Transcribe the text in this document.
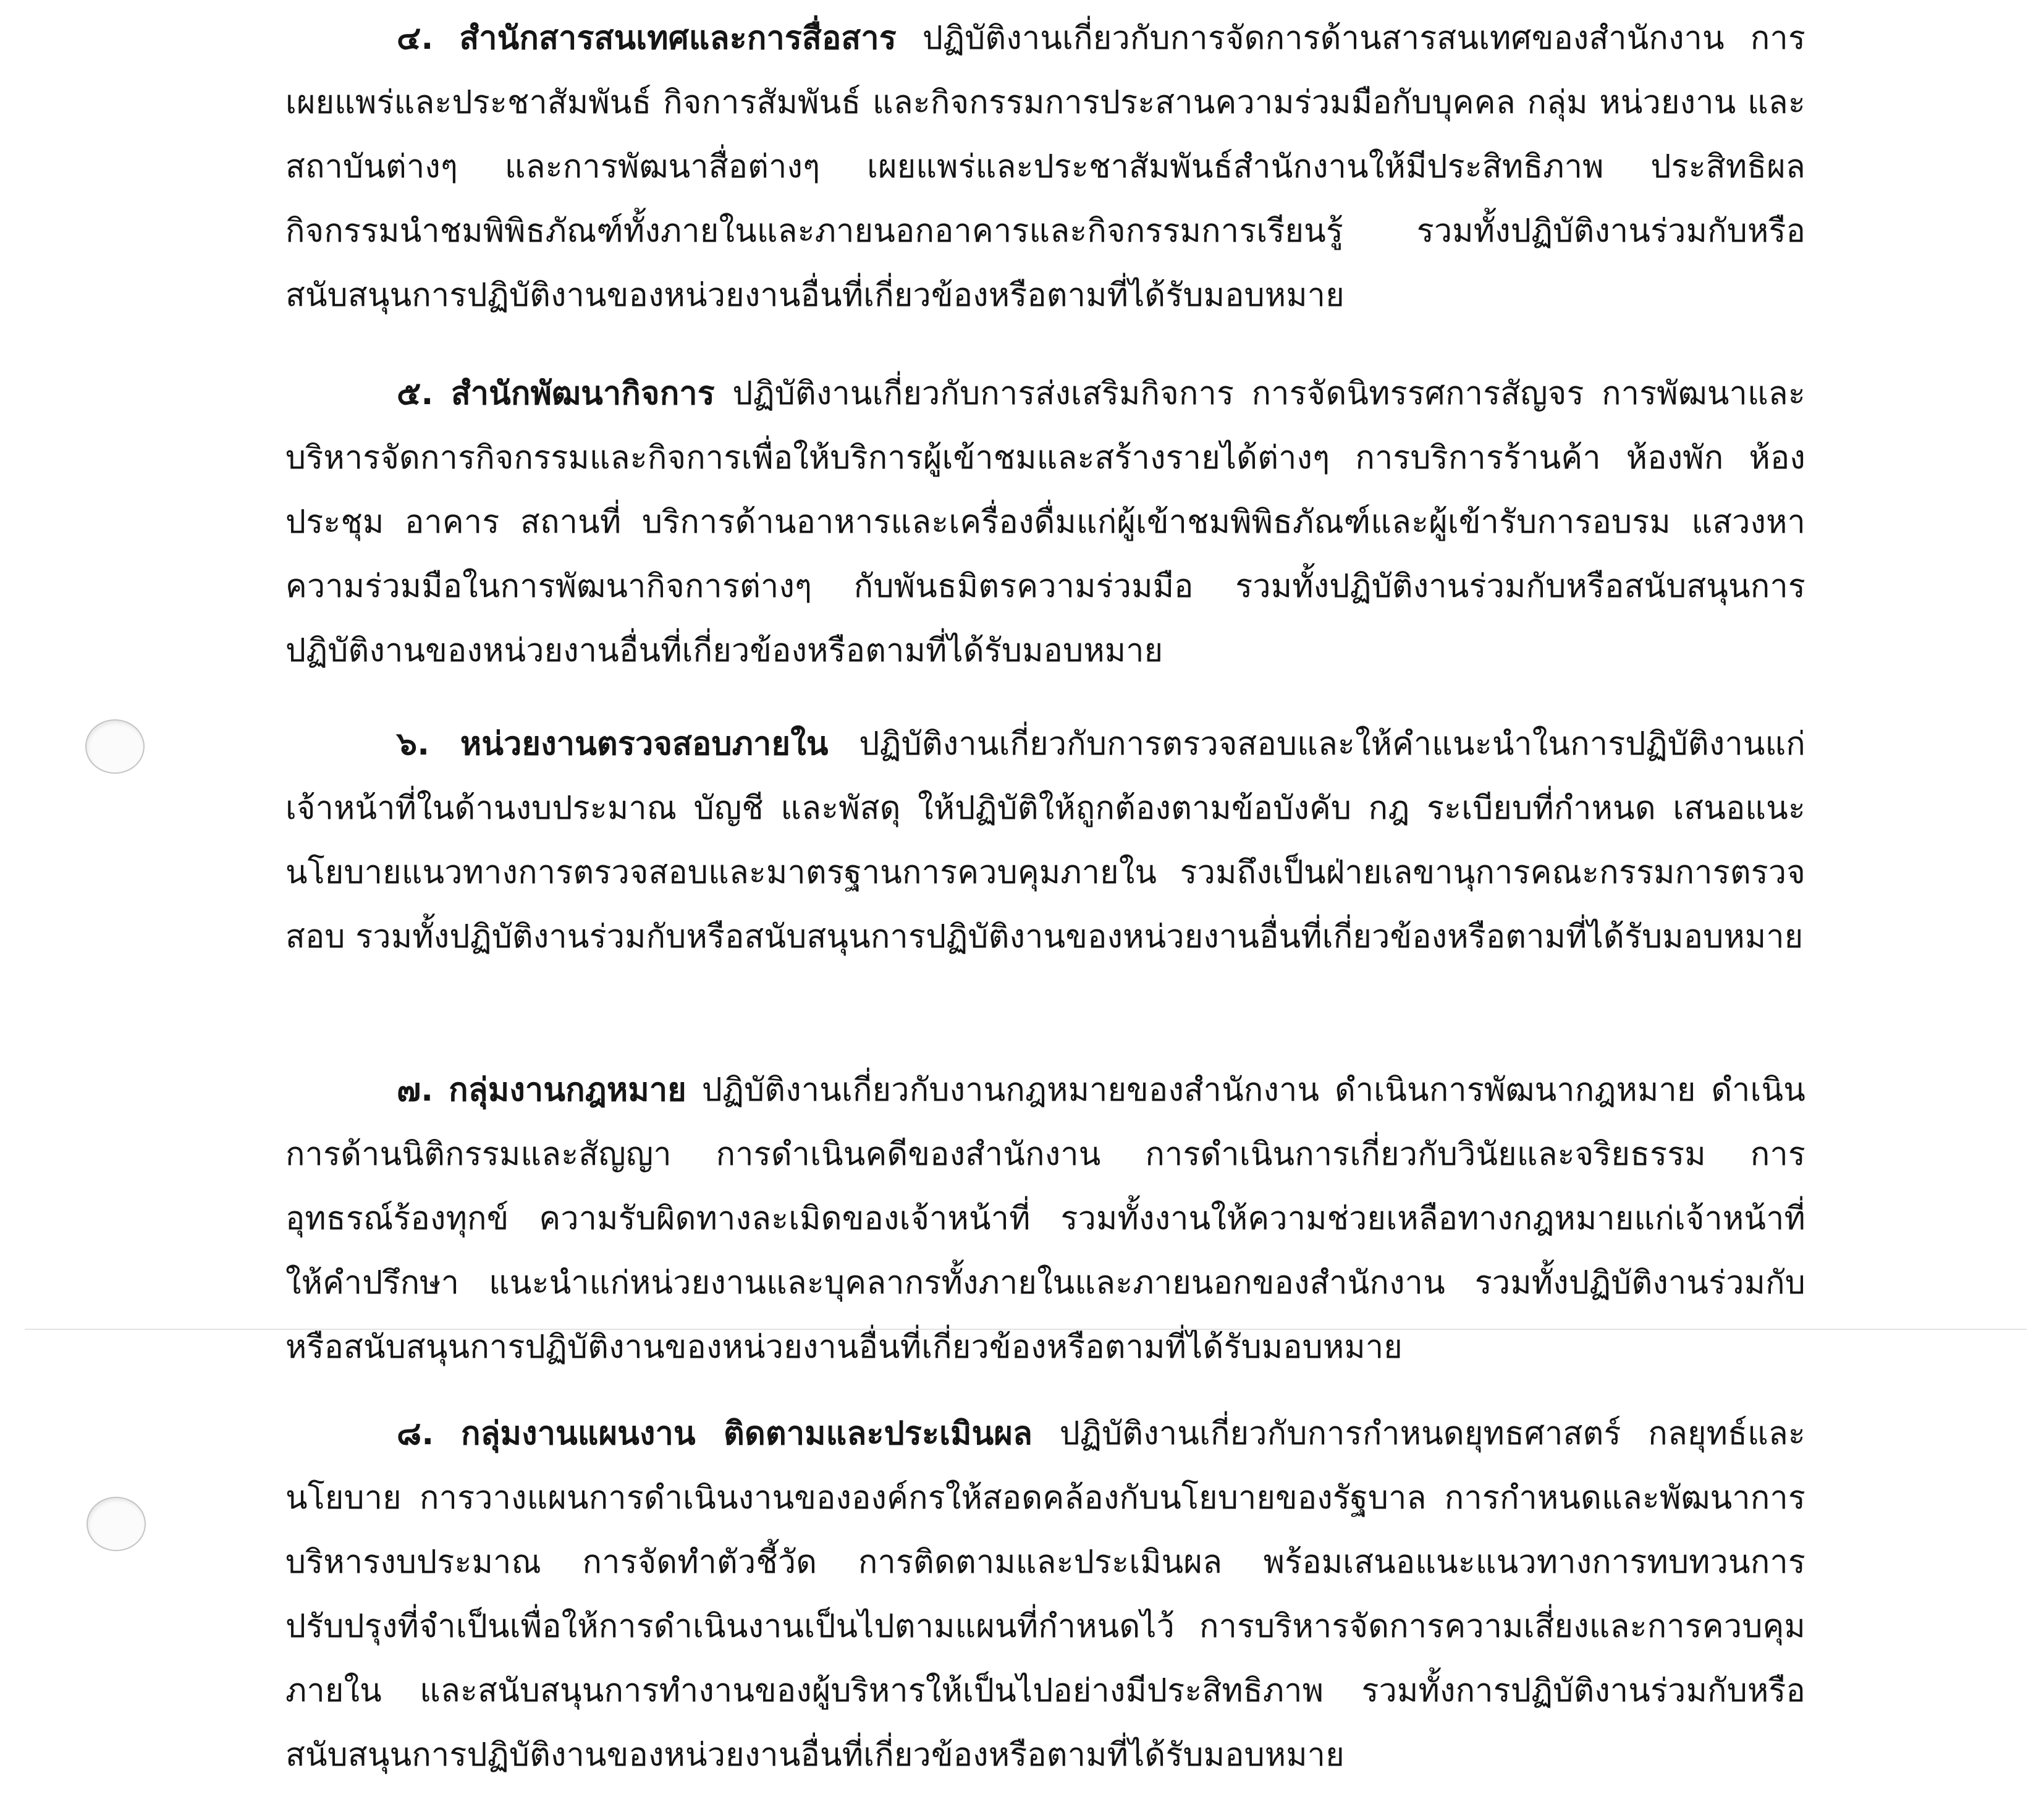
๔. สำนักสารสนเทศและการสื่อสาร ปฏิบัติงานเกี่ยวกับการจัดการด้านสารสนเทศของสำนักงาน การเผยแพร่และประชาสัมพันธ์ กิจการสัมพันธ์ และกิจกรรมการประสานความร่วมมือกับบุคคล กลุ่ม หน่วยงาน และสถาบันต่างๆ และการพัฒนาสื่อต่างๆ เผยแพร่และประชาสัมพันธ์สำนักงานให้มีประสิทธิภาพ ประสิทธิผล กิจกรรมนำชมพิพิธภัณฑ์ทั้งภายในและภายนอกอาคารและกิจกรรมการเรียนรู้ รวมทั้งปฏิบัติงานร่วมกับหรือสนับสนุนการปฏิบัติงานของหน่วยงานอื่นที่เกี่ยวข้องหรือตามที่ได้รับมอบหมาย

๕. สำนักพัฒนากิจการ ปฏิบัติงานเกี่ยวกับการส่งเสริมกิจการ การจัดนิทรรศการสัญจร การพัฒนาและบริหารจัดการกิจกรรมและกิจการเพื่อให้บริการผู้เข้าชมและสร้างรายได้ต่างๆ การบริการร้านค้า ห้องพัก ห้องประชุม อาคาร สถานที่ บริการด้านอาหารและเครื่องดื่มแก่ผู้เข้าชมพิพิธภัณฑ์และผู้เข้ารับการอบรม แสวงหาความร่วมมือในการพัฒนากิจการต่างๆ กับพันธมิตรความร่วมมือ รวมทั้งปฏิบัติงานร่วมกับหรือสนับสนุนการปฏิบัติงานของหน่วยงานอื่นที่เกี่ยวข้องหรือตามที่ได้รับมอบหมาย

๖. หน่วยงานตรวจสอบภายใน ปฏิบัติงานเกี่ยวกับการตรวจสอบและให้คำแนะนำในการปฏิบัติงานแก่เจ้าหน้าที่ในด้านงบประมาณ บัญชี และพัสดุ ให้ปฏิบัติให้ถูกต้องตามข้อบังคับ กฎ ระเบียบที่กำหนด เสนอแนะนโยบายแนวทางการตรวจสอบและมาตรฐานการควบคุมภายใน รวมถึงเป็นฝ่ายเลขานุการคณะกรรมการตรวจสอบ รวมทั้งปฏิบัติงานร่วมกับหรือสนับสนุนการปฏิบัติงานของหน่วยงานอื่นที่เกี่ยวข้องหรือตามที่ได้รับมอบหมาย

๗. กลุ่มงานกฎหมาย ปฏิบัติงานเกี่ยวกับงานกฎหมายของสำนักงาน ดำเนินการพัฒนากฎหมาย ดำเนินการด้านนิติกรรมและสัญญา การดำเนินคดีของสำนักงาน การดำเนินการเกี่ยวกับวินัยและจริยธรรม การอุทธรณ์ร้องทุกข์ ความรับผิดทางละเมิดของเจ้าหน้าที่ รวมทั้งงานให้ความช่วยเหลือทางกฎหมายแก่เจ้าหน้าที่ ให้คำปรึกษา แนะนำแก่หน่วยงานและบุคลากรทั้งภายในและภายนอกของสำนักงาน รวมทั้งปฏิบัติงานร่วมกับหรือสนับสนุนการปฏิบัติงานของหน่วยงานอื่นที่เกี่ยวข้องหรือตามที่ได้รับมอบหมาย

๘. กลุ่มงานแผนงาน ติดตามและประเมินผล ปฏิบัติงานเกี่ยวกับการกำหนดยุทธศาสตร์ กลยุทธ์และนโยบาย การวางแผนการดำเนินงานขององค์กรให้สอดคล้องกับนโยบายของรัฐบาล การกำหนดและพัฒนาการบริหารงบประมาณ การจัดทำตัวชี้วัด การติดตามและประเมินผล พร้อมเสนอแนะแนวทางการทบทวนการปรับปรุงที่จำเป็นเพื่อให้การดำเนินงานเป็นไปตามแผนที่กำหนดไว้ การบริหารจัดการความเสี่ยงและการควบคุมภายใน และสนับสนุนการทำงานของผู้บริหารให้เป็นไปอย่างมีประสิทธิภาพ รวมทั้งการปฏิบัติงานร่วมกับหรือสนับสนุนการปฏิบัติงานของหน่วยงานอื่นที่เกี่ยวข้องหรือตามที่ได้รับมอบหมาย
